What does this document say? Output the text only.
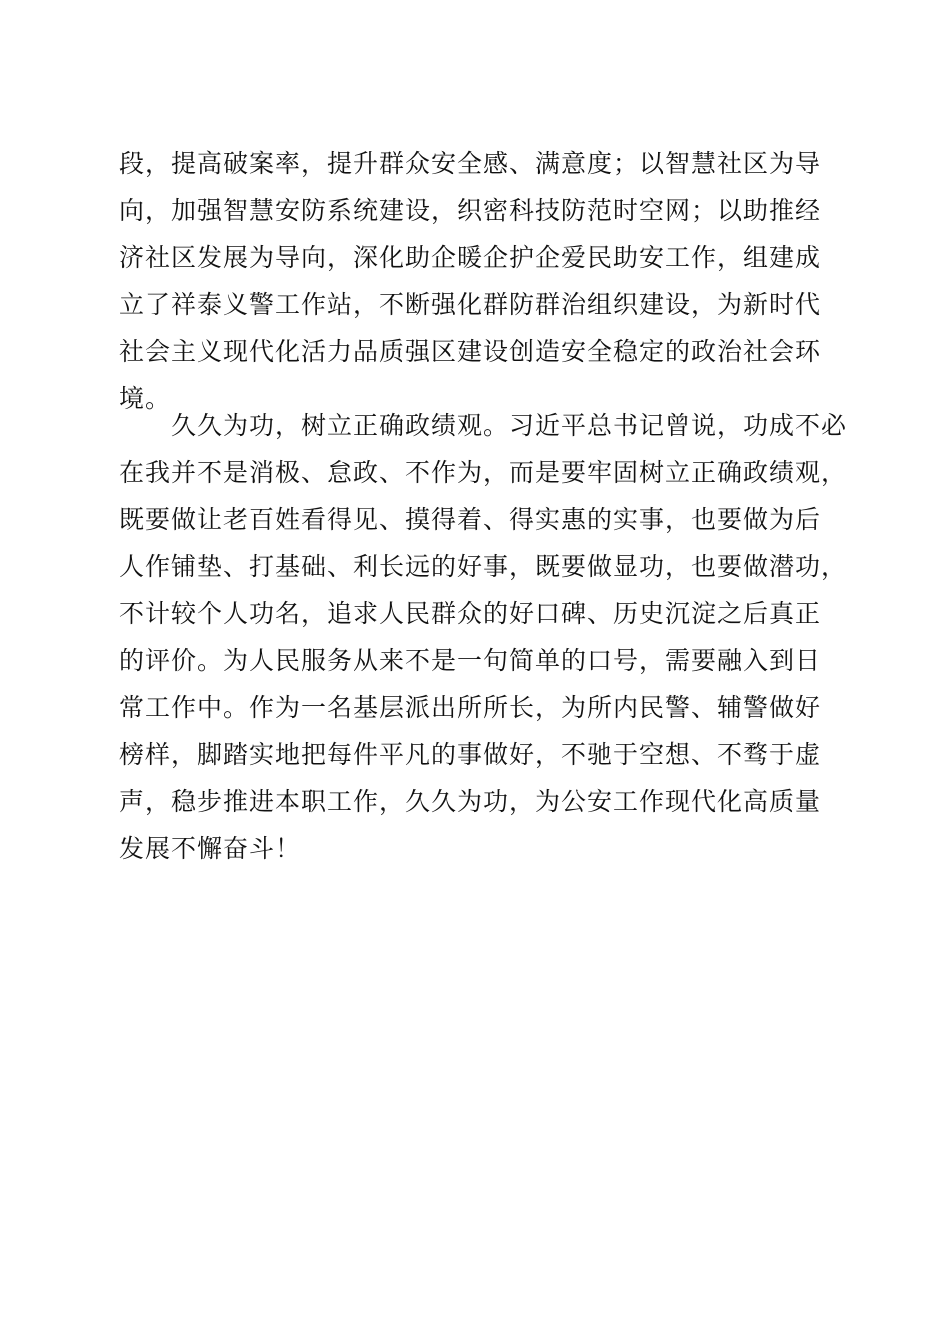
段，提高破案率，提升群众安全感、满意度；以智慧社区为导
向，加强智慧安防系统建设，织密科技防范时空网；以助推经
济社区发展为导向，深化助企暖企护企爱民助安工作，组建成
立了祥泰义警工作站，不断强化群防群治组织建设，为新时代
社会主义现代化活力品质强区建设创造安全稳定的政治社会环
境。
　　久久为功，树立正确政绩观。习近平总书记曾说，功成不必
在我并不是消极、怠政、不作为，而是要牢固树立正确政绩观，
既要做让老百姓看得见、摸得着、得实惠的实事，也要做为后
人作铺垫、打基础、利长远的好事，既要做显功，也要做潜功，
不计较个人功名，追求人民群众的好口碑、历史沉淀之后真正
的评价。为人民服务从来不是一句简单的口号，需要融入到日
常工作中。作为一名基层派出所所长，为所内民警、辅警做好
榜样，脚踏实地把每件平凡的事做好，不驰于空想、不骛于虚
声，稳步推进本职工作，久久为功，为公安工作现代化高质量
发展不懈奋斗！
